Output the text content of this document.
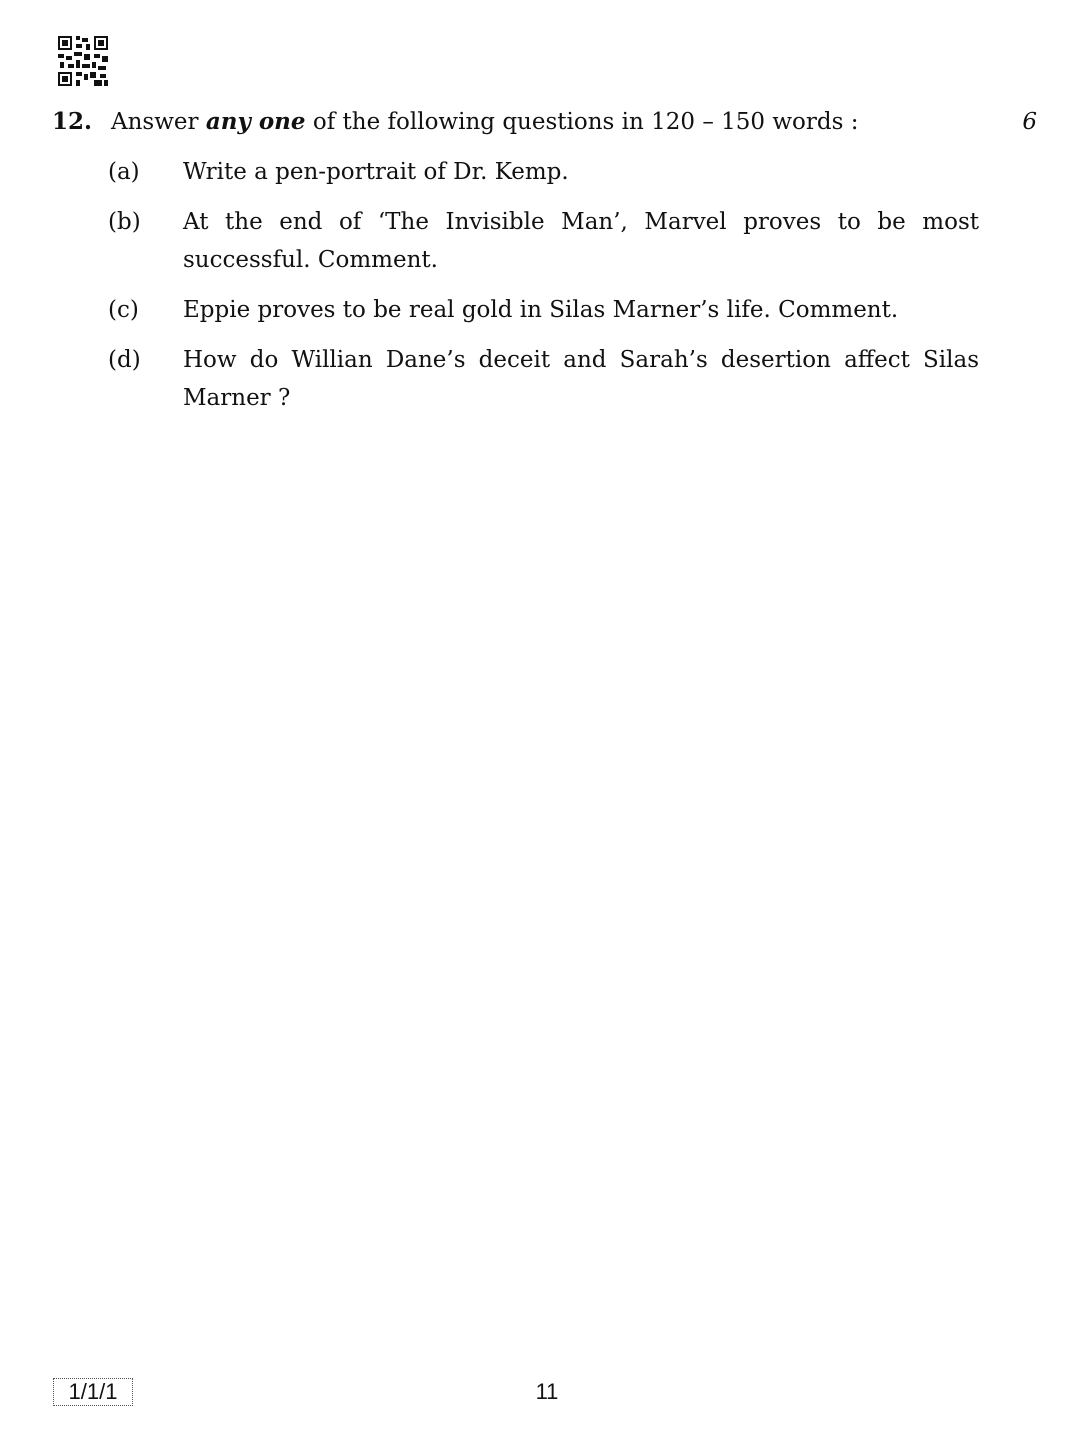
12. Answer any one of the following questions in 120 – 150 words :	6
(a) Write a pen-portrait of Dr. Kemp.
(b) At the end of ‘The Invisible Man’, Marvel proves to be most successful. Comment.
(c) Eppie proves to be real gold in Silas Marner’s life. Comment.
(d) How do Willian Dane’s deceit and Sarah’s desertion affect Silas Marner ?
1/1/1	11
